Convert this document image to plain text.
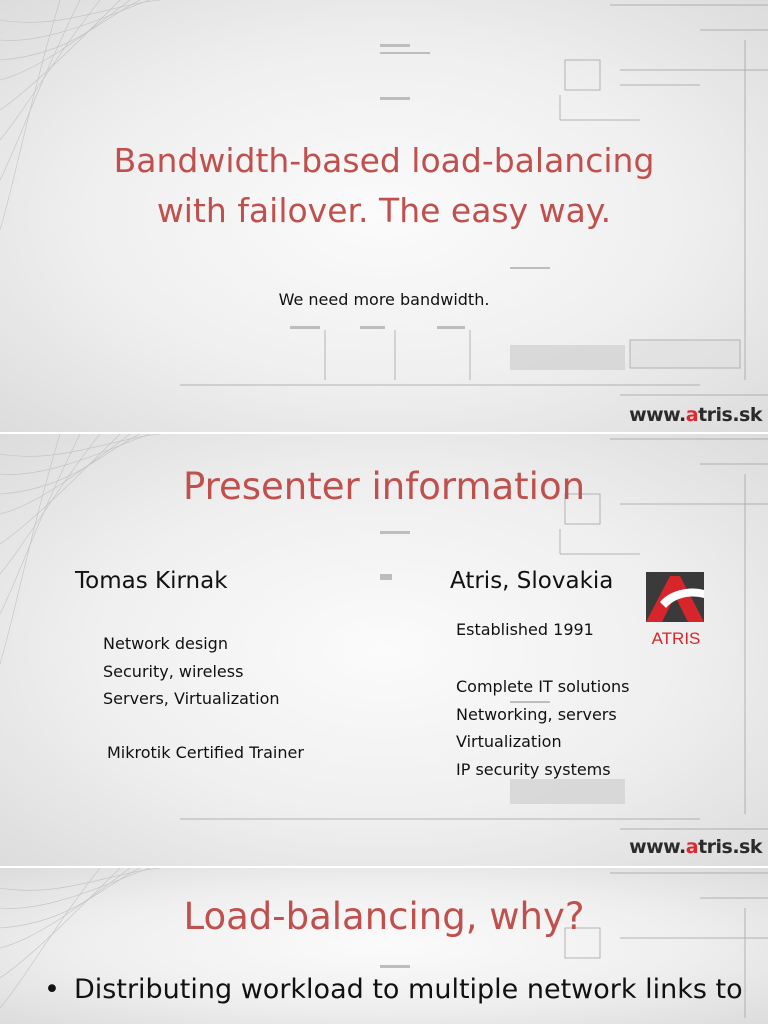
Bandwidth-based load-balancing
with failover. The easy way.

We need more bandwidth.

www.atris.sk
Presenter information

Tomas Kirnak

Network design
Security, wireless
Servers, Virtualization

Mikrotik Certified Trainer

Atris, Slovakia

Established 1991

Complete IT solutions
Networking, servers
Virtualization
IP security systems
ATRIS
www.atris.sk
Load-balancing, why?
• Distributing workload to multiple network links to
